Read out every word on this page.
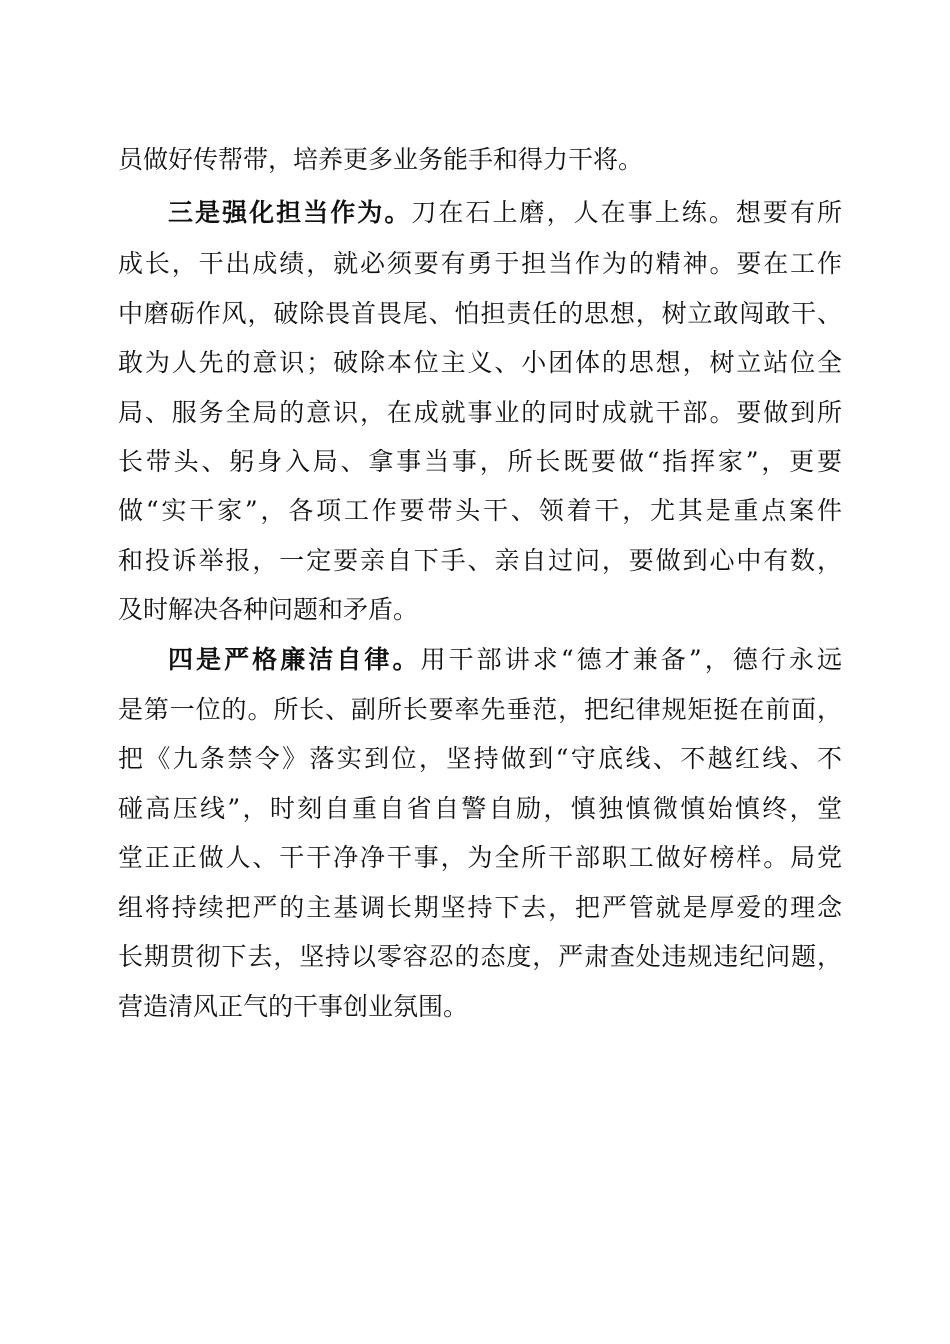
员做好传帮带，培养更多业务能手和得力干将。
三是强化担当作为。刀在石上磨，人在事上练。想要有所
成长，干出成绩，就必须要有勇于担当作为的精神。要在工作
中磨砺作风，破除畏首畏尾、怕担责任的思想，树立敢闯敢干、
敢为人先的意识；破除本位主义、小团体的思想，树立站位全
局、服务全局的意识，在成就事业的同时成就干部。要做到所
长带头、躬身入局、拿事当事，所长既要做“指挥家”，更要
做“实干家”，各项工作要带头干、领着干，尤其是重点案件
和投诉举报，一定要亲自下手、亲自过问，要做到心中有数，
及时解决各种问题和矛盾。
四是严格廉洁自律。用干部讲求“德才兼备”，德行永远
是第一位的。所长、副所长要率先垂范，把纪律规矩挺在前面，
把《九条禁令》落实到位，坚持做到“守底线、不越红线、不
碰高压线”，时刻自重自省自警自励，慎独慎微慎始慎终，堂
堂正正做人、干干净净干事，为全所干部职工做好榜样。局党
组将持续把严的主基调长期坚持下去，把严管就是厚爱的理念
长期贯彻下去，坚持以零容忍的态度，严肃查处违规违纪问题，
营造清风正气的干事创业氛围。
